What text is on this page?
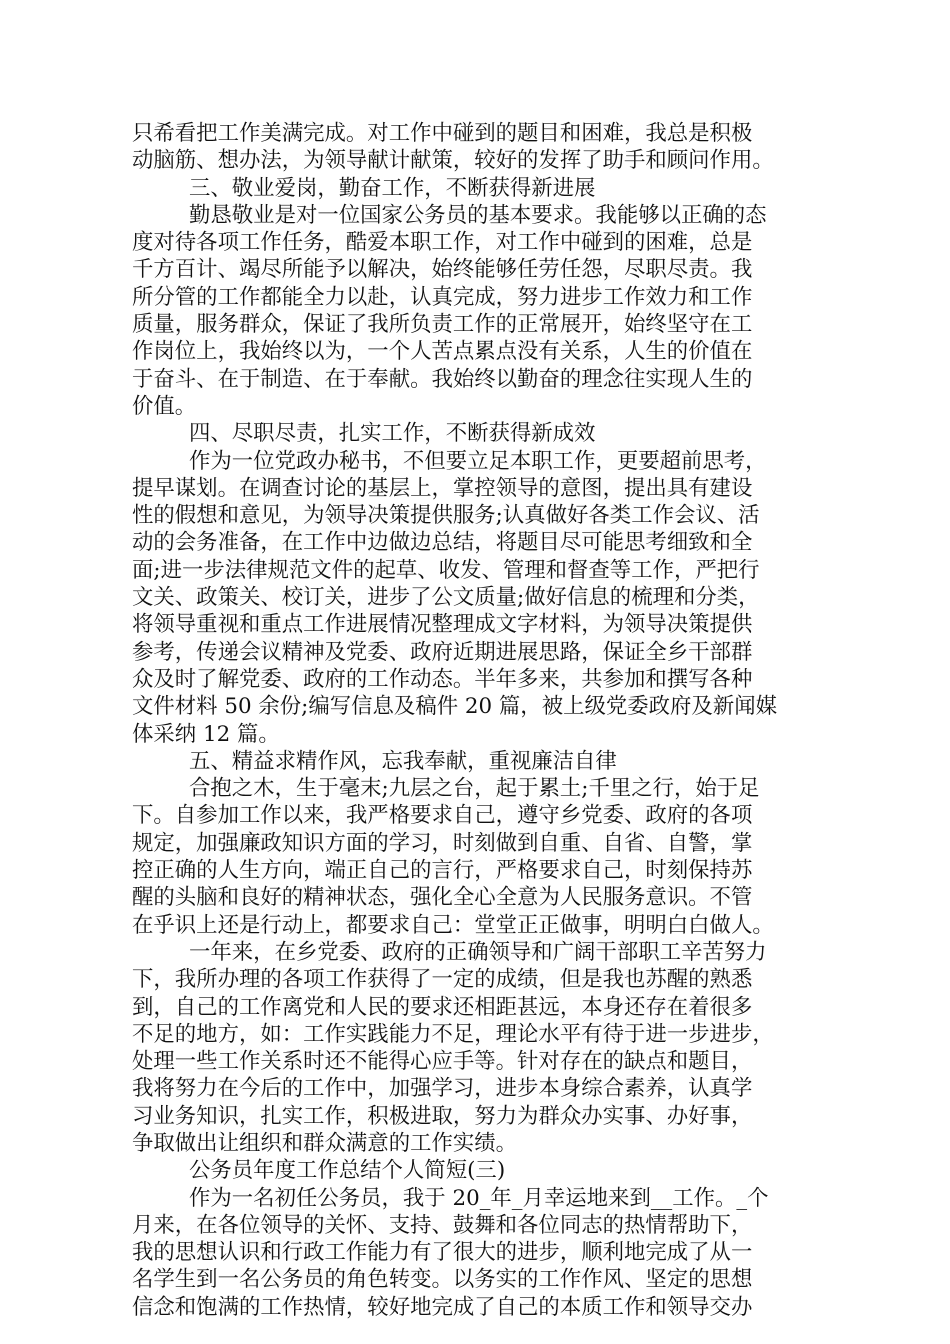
只希看把工作美满完成。对工作中碰到的题目和困难，我总是积极
动脑筋、想办法，为领导献计献策，较好的发挥了助手和顾问作用。
三、敬业爱岗，勤奋工作，不断获得新进展
勤恳敬业是对一位国家公务员的基本要求。我能够以正确的态
度对待各项工作任务，酷爱本职工作，对工作中碰到的困难，总是
千方百计、竭尽所能予以解决，始终能够任劳任怨，尽职尽责。我
所分管的工作都能全力以赴，认真完成，努力进步工作效力和工作
质量，服务群众，保证了我所负责工作的正常展开，始终坚守在工
作岗位上，我始终以为，一个人苦点累点没有关系，人生的价值在
于奋斗、在于制造、在于奉献。我始终以勤奋的理念往实现人生的
价值。
四、尽职尽责，扎实工作，不断获得新成效
作为一位党政办秘书，不但要立足本职工作，更要超前思考，
提早谋划。在调查讨论的基层上，掌控领导的意图，提出具有建设
性的假想和意见，为领导决策提供服务;认真做好各类工作会议、活
动的会务准备，在工作中边做边总结，将题目尽可能思考细致和全
面;进一步法律规范文件的起草、收发、管理和督查等工作，严把行
文关、政策关、校订关，进步了公文质量;做好信息的梳理和分类，
将领导重视和重点工作进展情况整理成文字材料，为领导决策提供
参考，传递会议精神及党委、政府近期进展思路，保证全乡干部群
众及时了解党委、政府的工作动态。半年多来，共参加和撰写各种
文件材料 50 余份;编写信息及稿件 20 篇，被上级党委政府及新闻媒
体采纳 12 篇。
五、精益求精作风，忘我奉献，重视廉洁自律
合抱之木，生于毫末;九层之台，起于累土;千里之行，始于足
下。自参加工作以来，我严格要求自己，遵守乡党委、政府的各项
规定，加强廉政知识方面的学习，时刻做到自重、自省、自警，掌
控正确的人生方向，端正自己的言行，严格要求自己，时刻保持苏
醒的头脑和良好的精神状态，强化全心全意为人民服务意识。不管
在乎识上还是行动上，都要求自己：堂堂正正做事，明明白白做人。
一年来，在乡党委、政府的正确领导和广阔干部职工辛苦努力
下，我所办理的各项工作获得了一定的成绩，但是我也苏醒的熟悉
到，自己的工作离党和人民的要求还相距甚远，本身还存在着很多
不足的地方，如：工作实践能力不足，理论水平有待于进一步进步，
处理一些工作关系时还不能得心应手等。针对存在的缺点和题目，
我将努力在今后的工作中，加强学习，进步本身综合素养，认真学
习业务知识，扎实工作，积极进取，努力为群众办实事、办好事，
争取做出让组织和群众满意的工作实绩。
公务员年度工作总结个人简短(三)
作为一名初任公务员，我于 20_年_月幸运地来到__工作。_个
月来，在各位领导的关怀、支持、鼓舞和各位同志的热情帮助下，
我的思想认识和行政工作能力有了很大的进步，顺利地完成了从一
名学生到一名公务员的角色转变。以务实的工作作风、坚定的思想
信念和饱满的工作热情，较好地完成了自己的本质工作和领导交办
